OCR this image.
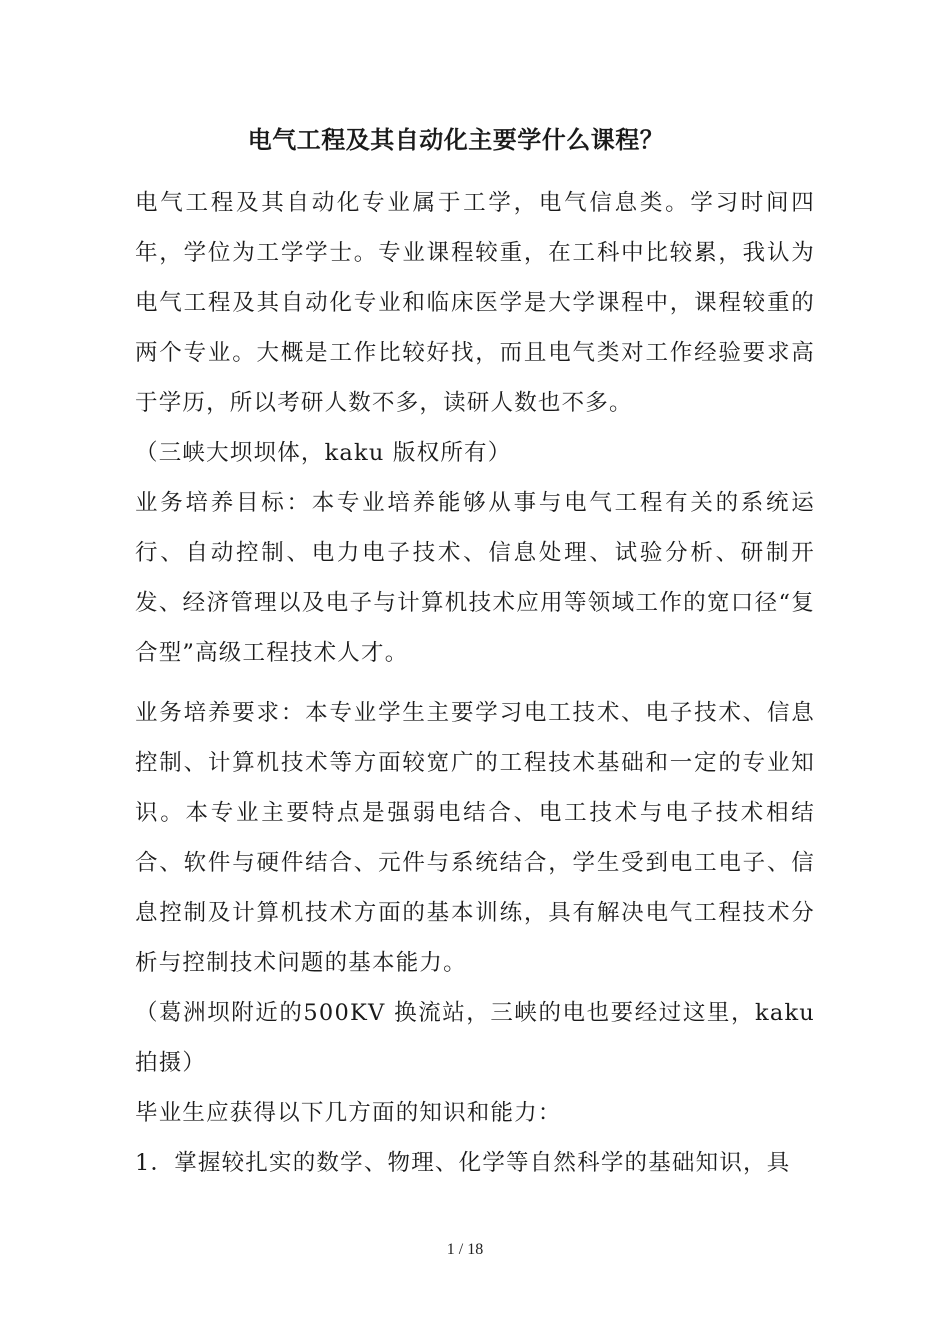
电气工程及其自动化主要学什么课程？

电气工程及其自动化专业属于工学，电气信息类。学习时间四年，学位为工学学士。专业课程较重，在工科中比较累，我认为电气工程及其自动化专业和临床医学是大学课程中，课程较重的两个专业。大概是工作比较好找，而且电气类对工作经验要求高于学历，所以考研人数不多，读研人数也不多。

（三峡大坝坝体，kaku 版权所有）

业务培养目标：本专业培养能够从事与电气工程有关的系统运行、自动控制、电力电子技术、信息处理、试验分析、研制开发、经济管理以及电子与计算机技术应用等领域工作的宽口径“复合型”高级工程技术人才。

业务培养要求：本专业学生主要学习电工技术、电子技术、信息控制、计算机技术等方面较宽广的工程技术基础和一定的专业知识。本专业主要特点是强弱电结合、电工技术与电子技术相结合、软件与硬件结合、元件与系统结合，学生受到电工电子、信息控制及计算机技术方面的基本训练，具有解决电气工程技术分析与控制技术问题的基本能力。

（葛洲坝附近的500KV 换流站，三峡的电也要经过这里，kaku 拍摄）

毕业生应获得以下几方面的知识和能力：

1．掌握较扎实的数学、物理、化学等自然科学的基础知识，具

1 / 18
